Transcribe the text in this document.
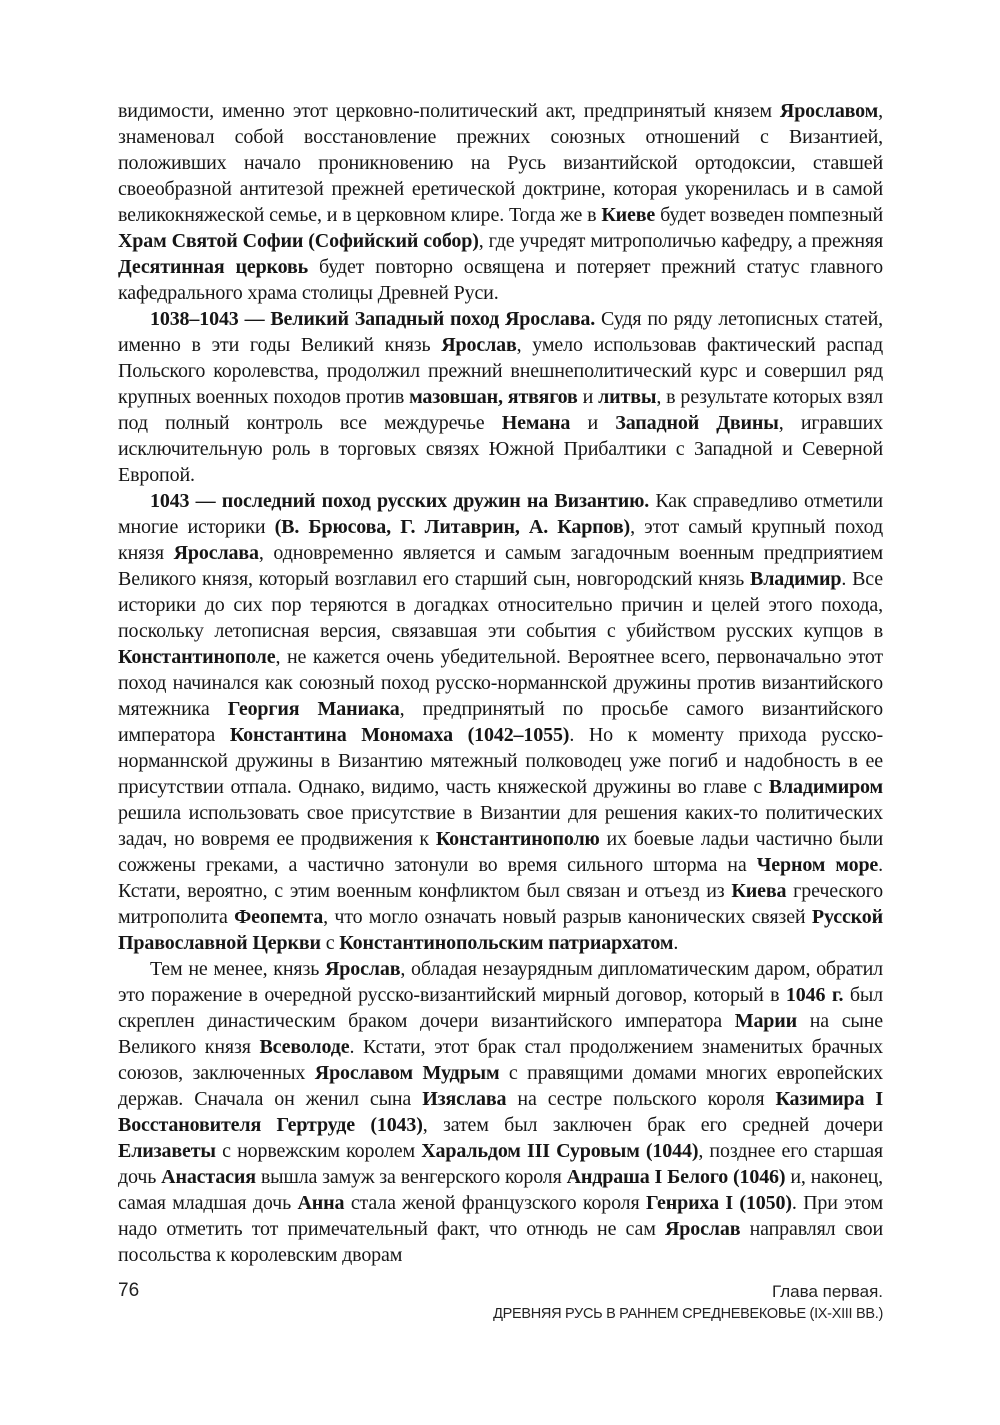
видимости, именно этот церковно-политический акт, предпринятый князем Ярославом, знаменовал собой восстановление прежних союзных отношений с Византией, положивших начало проникновению на Русь византийской ортодоксии, ставшей своеобразной антитезой прежней еретической доктрине, которая укоренилась и в самой великокняжеской семье, и в церковном клире. Тогда же в Киеве будет возведен помпезный Храм Святой Софии (Софийский собор), где учредят митрополичью кафедру, а прежняя Десятинная церковь будет повторно освящена и потеряет прежний статус главного кафедрального храма столицы Древней Руси.

1038–1043 — Великий Западный поход Ярослава. Судя по ряду летописных статей, именно в эти годы Великий князь Ярослав, умело использовав фактический распад Польского королевства, продолжил прежний внешнеполитический курс и совершил ряд крупных военных походов против мазовшан, ятвягов и литвы, в результате которых взял под полный контроль все междуречье Немана и Западной Двины, игравших исключительную роль в торговых связях Южной Прибалтики с Западной и Северной Европой.

1043 — последний поход русских дружин на Византию. Как справедливо отметили многие историки (В. Брюсова, Г. Литаврин, А. Карпов), этот самый крупный поход князя Ярослава, одновременно является и самым загадочным военным предприятием Великого князя, который возглавил его старший сын, новгородский князь Владимир. Все историки до сих пор теряются в догадках относительно причин и целей этого похода, поскольку летописная версия, связавшая эти события с убийством русских купцов в Константинополе, не кажется очень убедительной. Вероятнее всего, первоначально этот поход начинался как союзный поход русско-норманнской дружины против византийского мятежника Георгия Маниака, предпринятый по просьбе самого византийского императора Константина Мономаха (1042–1055). Но к моменту прихода русско-норманнской дружины в Византию мятежный полководец уже погиб и надобность в ее присутствии отпала. Однако, видимо, часть княжеской дружины во главе с Владимиром решила использовать свое присутствие в Византии для решения каких-то политических задач, но вовремя ее продвижения к Константинополю их боевые ладьи частично были сожжены греками, а частично затонули во время сильного шторма на Черном море. Кстати, вероятно, с этим военным конфликтом был связан и отъезд из Киева греческого митрополита Феопемта, что могло означать новый разрыв канонических связей Русской Православной Церкви с Константинопольским патриархатом.

Тем не менее, князь Ярослав, обладая незаурядным дипломатическим даром, обратил это поражение в очередной русско-византийский мирный договор, который в 1046 г. был скреплен династическим браком дочери византийского императора Марии на сыне Великого князя Всеволоде. Кстати, этот брак стал продолжением знаменитых брачных союзов, заключенных Ярославом Мудрым с правящими домами многих европейских держав. Сначала он женил сына Изяслава на сестре польского короля Казимира I Восстановителя Гертруде (1043), затем был заключен брак его средней дочери Елизаветы с норвежским королем Харальдом III Суровым (1044), позднее его старшая дочь Анастасия вышла замуж за венгерского короля Андраша I Белого (1046) и, наконец, самая младшая дочь Анна стала женой французского короля Генриха I (1050). При этом надо отметить тот примечательный факт, что отнюдь не сам Ярослав направлял свои посольства к королевским дворам

76	Глава первая.
ДРЕВНЯЯ РУСЬ В РАННЕМ СРЕДНЕВЕКОВЬЕ (IX-XIII ВВ.)
